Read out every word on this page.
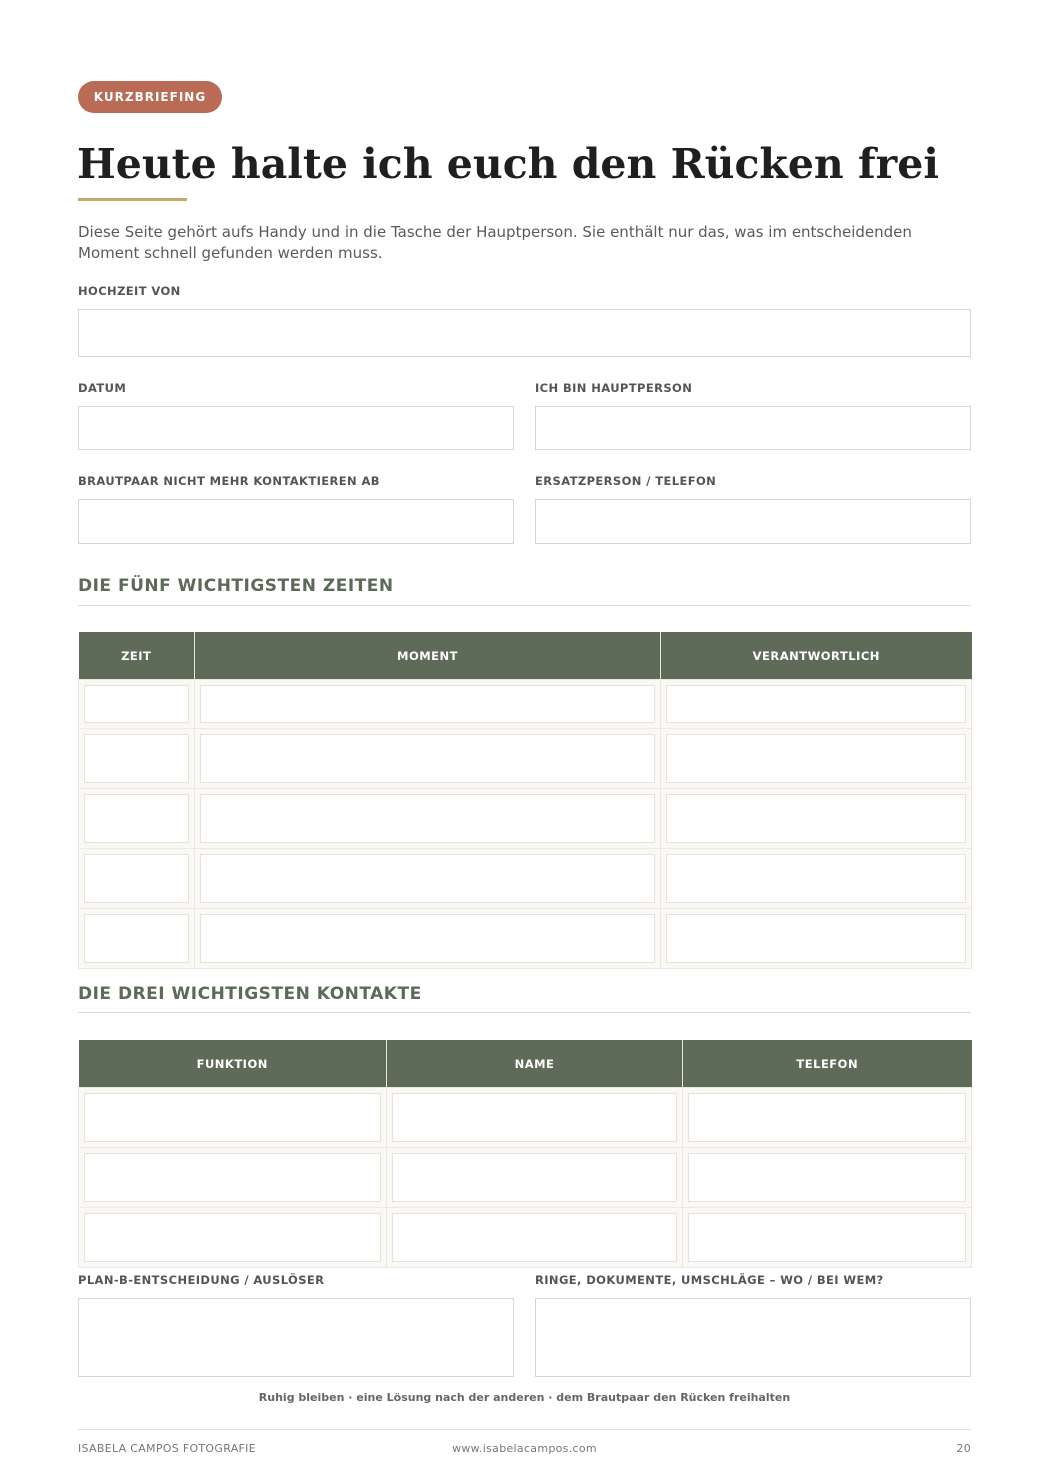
KURZBRIEFING
Heute halte ich euch den Rücken frei

Diese Seite gehört aufs Handy und in die Tasche der Hauptperson. Sie enthält nur das, was im entscheidenden Moment schnell gefunden werden muss.

HOCHZEIT VON
DATUM	ICH BIN HAUPTPERSON
BRAUTPAAR NICHT MEHR KONTAKTIEREN AB	ERSATZPERSON / TELEFON
DIE FÜNF WICHTIGSTEN ZEITEN
ZEIT	MOMENT	VERANTWORTLICH

DIE DREI WICHTIGSTEN KONTAKTE
FUNKTION	NAME	TELEFON

PLAN-B-ENTSCHEIDUNG / AUSLÖSER	RINGE, DOKUMENTE, UMSCHLÄGE – WO / BEI WEM?
Ruhig bleiben · eine Lösung nach der anderen · dem Brautpaar den Rücken freihalten
ISABELA CAMPOS FOTOGRAFIE	www.isabelacampos.com	20
